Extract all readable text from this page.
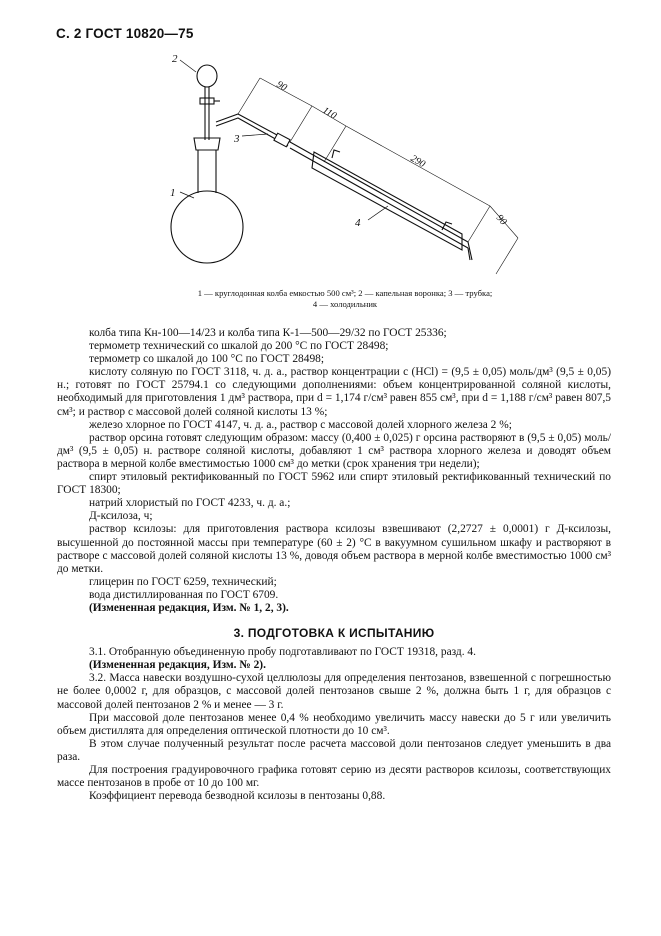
С. 2 ГОСТ 10820—75
2
1
3
4
90
110
290
90
1 — круглодонная колба емкостью 500 см³; 2 — капельная воронка; 3 — трубка;
4 — холодильник

колба типа Кн-100—14/23 и колба типа К-1—500—29/32 по ГОСТ 25336;

термометр технический со шкалой до 200 °С по ГОСТ 28498;

термометр со шкалой до 100 °С по ГОСТ 28498;

кислоту соляную по ГОСТ 3118, ч. д. а., раствор концентрации c (HCl) = (9,5 ± 0,05) моль/дм³ (9,5 ± 0,05) н.; готовят по ГОСТ 25794.1 со следующими дополнениями: объем концентрированной соляной кислоты, необходимый для приготовления 1 дм³ раствора, при d = 1,174 г/см³ равен 855 см³, при d = 1,188 г/см³ равен 807,5 см³; и раствор с массовой долей соляной кислоты 13 %;

железо хлорное по ГОСТ 4147, ч. д. а., раствор с массовой долей хлорного железа 2 %;

раствор орсина готовят следующим образом: массу (0,400 ± 0,025) г орсина растворяют в (9,5 ± 0,05) моль/дм³ (9,5 ± 0,05) н. растворе соляной кислоты, добавляют 1 см³ раствора хлорного железа и доводят объем раствора в мерной колбе вместимостью 1000 см³ до метки (срок хранения три недели);

спирт этиловый ректификованный по ГОСТ 5962 или спирт этиловый ректификованный технический по ГОСТ 18300;

натрий хлористый по ГОСТ 4233, ч. д. а.;

Д-ксилоза, ч;

раствор ксилозы: для приготовления раствора ксилозы взвешивают (2,2727 ± 0,0001) г Д-ксилозы, высушенной до постоянной массы при температуре (60 ± 2) °С в вакуумном сушильном шкафу и растворяют в растворе с массовой долей соляной кислоты 13 %, доводя объем раствора в мерной колбе вместимостью 1000 см³ до метки.

глицерин по ГОСТ 6259, технический;

вода дистиллированная по ГОСТ 6709.

(Измененная редакция, Изм. № 1, 2, 3).

3. ПОДГОТОВКА К ИСПЫТАНИЮ

3.1. Отобранную объединенную пробу подготавливают по ГОСТ 19318, разд. 4.

(Измененная редакция, Изм. № 2).

3.2. Масса навески воздушно-сухой целлюлозы для определения пентозанов, взвешенной с погрешностью не более 0,0002 г, для образцов, с массовой долей пентозанов свыше 2 %, должна быть 1 г, для образцов с массовой долей пентозанов 2 % и менее — 3 г.

При массовой доле пентозанов менее 0,4 % необходимо увеличить массу навески до 5 г или увеличить объем дистиллята для определения оптической плотности до 10 см³.

В этом случае полученный результат после расчета массовой доли пентозанов следует уменьшить в два раза.

Для построения градуировочного графика готовят серию из десяти растворов ксилозы, соответствующих массе пентозанов в пробе от 10 до 100 мг.

Коэффициент перевода безводной ксилозы в пентозаны 0,88.
